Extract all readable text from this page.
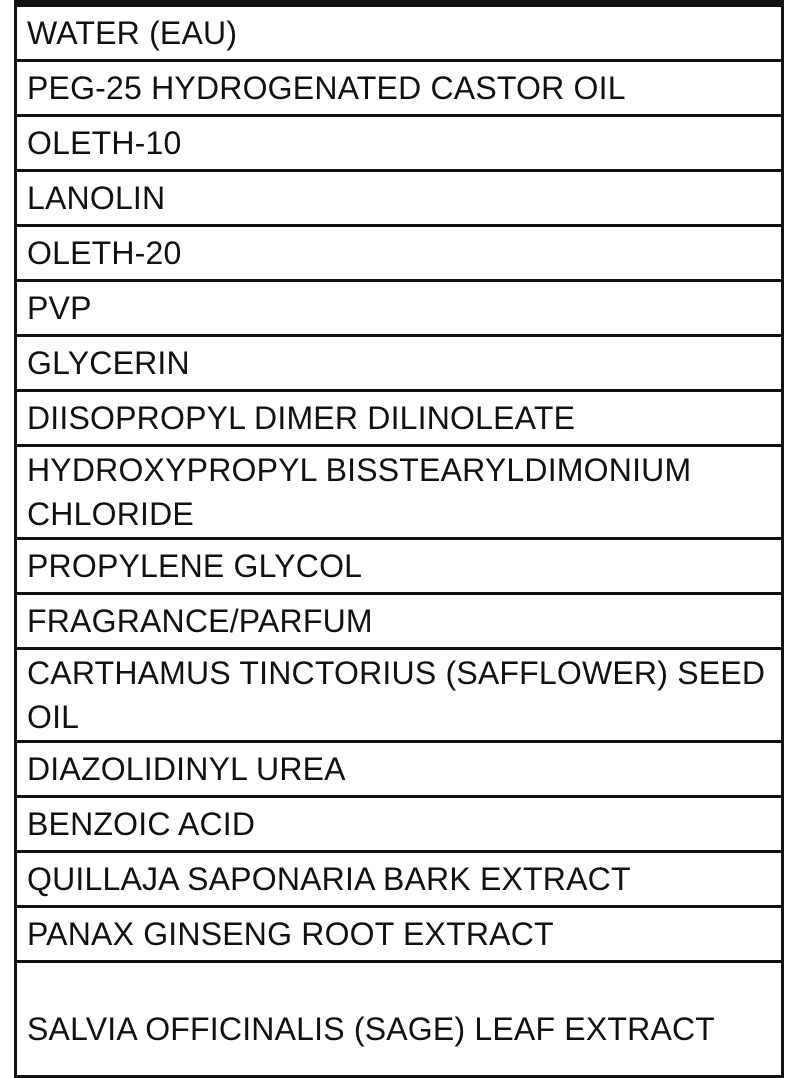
WATER (EAU)
PEG-25 HYDROGENATED CASTOR OIL
OLETH-10
LANOLIN
OLETH-20
PVP
GLYCERIN
DIISOPROPYL DIMER DILINOLEATE
HYDROXYPROPYL BISSTEARYLDIMONIUM CHLORIDE
PROPYLENE GLYCOL
FRAGRANCE/PARFUM
CARTHAMUS TINCTORIUS (SAFFLOWER) SEED OIL
DIAZOLIDINYL UREA
BENZOIC ACID
QUILLAJA SAPONARIA BARK EXTRACT
PANAX GINSENG ROOT EXTRACT
SALVIA OFFICINALIS (SAGE) LEAF EXTRACT
